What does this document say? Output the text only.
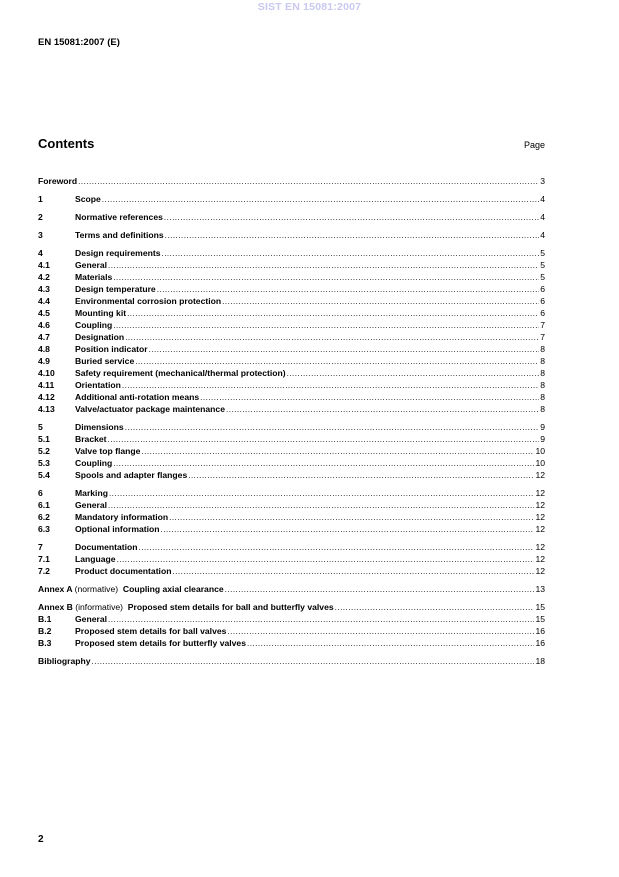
SIST EN 15081:2007
EN 15081:2007 (E)
Contents	Page
Foreword .....	3
1	Scope .....	4
2	Normative references .....	4
3	Terms and definitions .....	4
4	Design requirements .....	5
4.1	General .....	5
4.2	Materials .....	5
4.3	Design temperature .....	6
4.4	Environmental corrosion protection .....	6
4.5	Mounting kit .....	6
4.6	Coupling .....	7
4.7	Designation .....	7
4.8	Position indicator .....	8
4.9	Buried service .....	8
4.10	Safety requirement (mechanical/thermal protection) .....	8
4.11	Orientation .....	8
4.12	Additional anti-rotation means .....	8
4.13	Valve/actuator package maintenance .....	8
5	Dimensions .....	9
5.1	Bracket .....	9
5.2	Valve top flange .....	10
5.3	Coupling .....	10
5.4	Spools and adapter flanges .....	12
6	Marking .....	12
6.1	General .....	12
6.2	Mandatory information .....	12
6.3	Optional information .....	12
7	Documentation .....	12
7.1	Language .....	12
7.2	Product documentation .....	12
Annex A (normative) Coupling axial clearance .....	13
Annex B (informative) Proposed stem details for ball and butterfly valves .....	15
B.1	General .....	15
B.2	Proposed stem details for ball valves .....	16
B.3	Proposed stem details for butterfly valves .....	16
Bibliography .....	18
2
